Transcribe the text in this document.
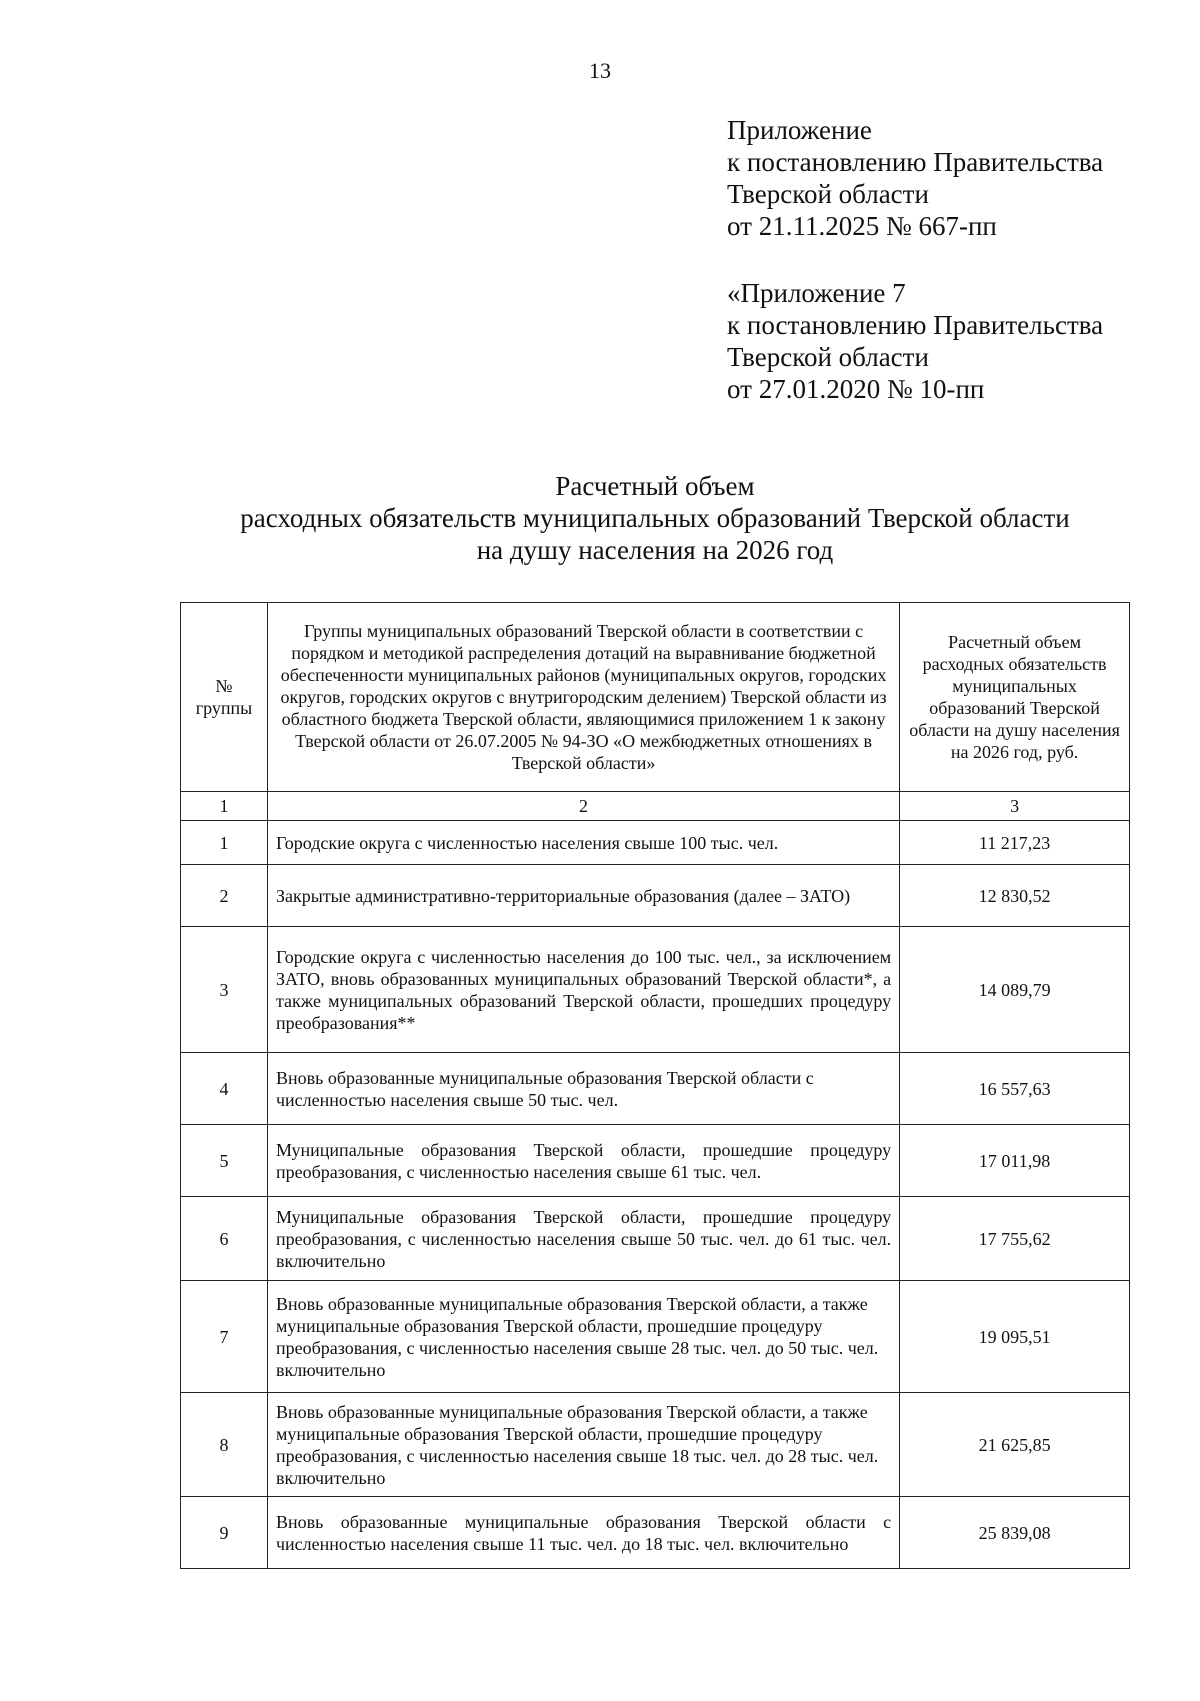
13
Приложение
к постановлению Правительства
Тверской области
от 21.11.2025 № 667-пп
«Приложение 7
к постановлению Правительства
Тверской области
от 27.01.2020 № 10-пп
Расчетный объем
расходных обязательств муниципальных образований Тверской области
на душу населения на 2026 год
№ группы	Группы муниципальных образований Тверской области в соответствии с порядком и методикой распределения дотаций на выравнивание бюджетной обеспеченности муниципальных районов (муниципальных округов, городских округов, городских округов с внутригородским делением) Тверской области из областного бюджета Тверской области, являющимися приложением 1 к закону Тверской области от 26.07.2005 № 94-ЗО «О межбюджетных отношениях в Тверской области»	Расчетный объем расходных обязательств муниципальных образований Тверской области на душу населения на 2026 год, руб.
1	2	3
1	Городские округа с численностью населения свыше 100 тыс. чел.	11 217,23
2	Закрытые административно-территориальные образования (далее – ЗАТО)	12 830,52
3	Городские округа с численностью населения до 100 тыс. чел., за исключением ЗАТО, вновь образованных муниципальных образований Тверской области*, а также муниципальных образований Тверской области, прошедших процедуру преобразования**	14 089,79
4	Вновь образованные муниципальные образования Тверской области с численностью населения свыше 50 тыс. чел.	16 557,63
5	Муниципальные образования Тверской области, прошедшие процедуру преобразования, с численностью населения свыше 61 тыс. чел.	17 011,98
6	Муниципальные образования Тверской области, прошедшие процедуру преобразования, с численностью населения свыше 50 тыс. чел. до 61 тыс. чел. включительно	17 755,62
7	Вновь образованные муниципальные образования Тверской области, а также муниципальные образования Тверской области, прошедшие процедуру преобразования, с численностью населения свыше 28 тыс. чел. до 50 тыс. чел. включительно	19 095,51
8	Вновь образованные муниципальные образования Тверской области, а также муниципальные образования Тверской области, прошедшие процедуру преобразования, с численностью населения свыше 18 тыс. чел. до 28 тыс. чел. включительно	21 625,85
9	Вновь образованные муниципальные образования Тверской области с численностью населения свыше 11 тыс. чел. до 18 тыс. чел. включительно	25 839,08
